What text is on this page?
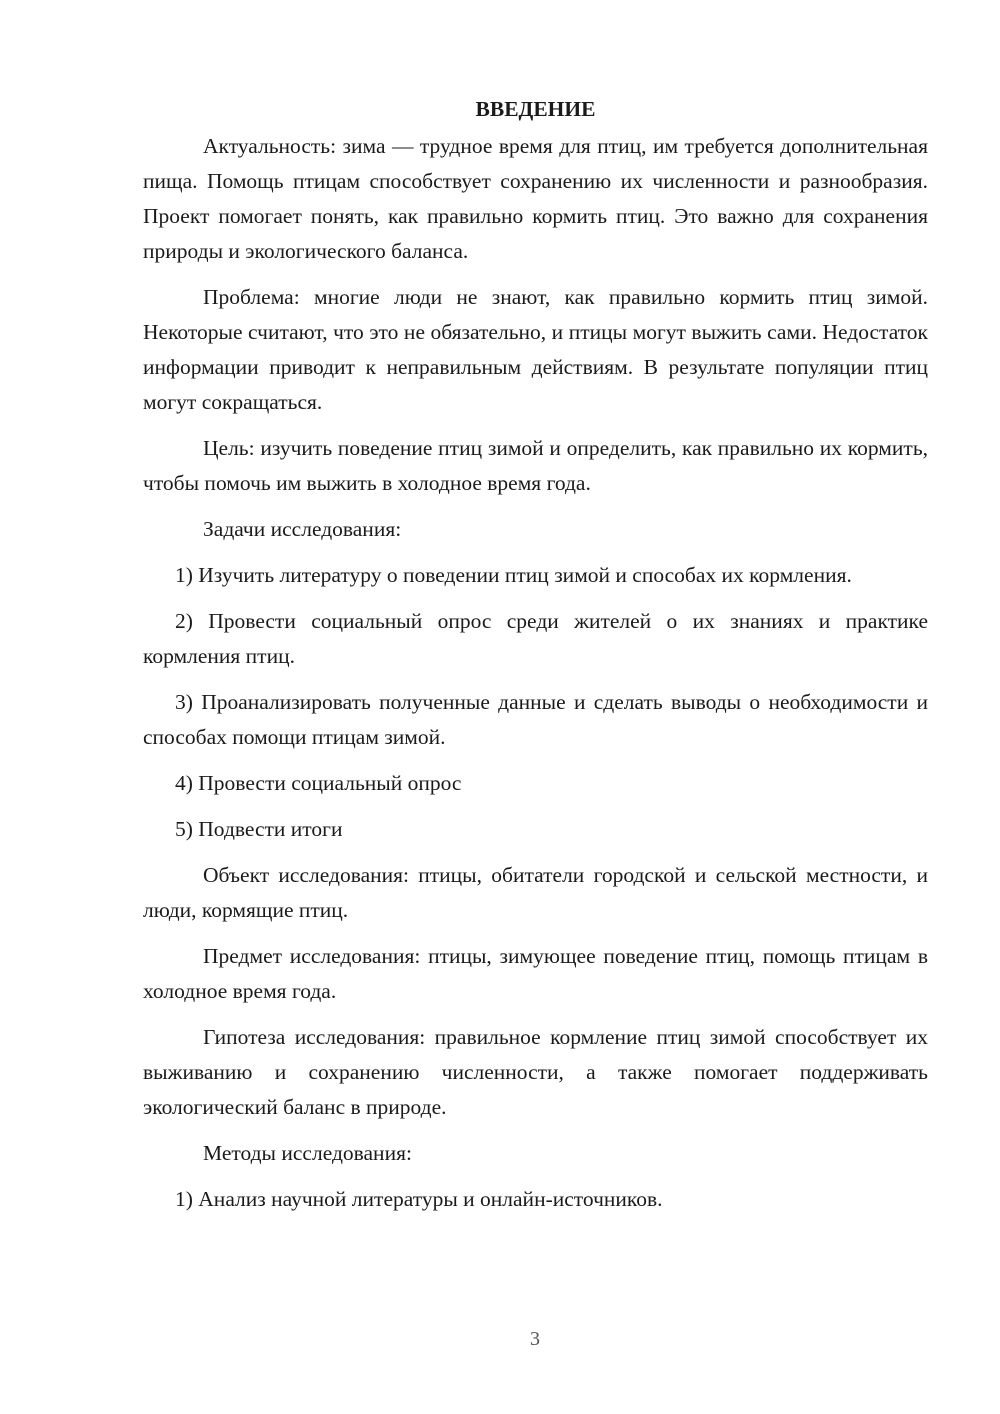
ВВЕДЕНИЕ

Актуальность: зима — трудное время для птиц, им требуется дополнительная пища. Помощь птицам способствует сохранению их численности и разнообразия. Проект помогает понять, как правильно кормить птиц. Это важно для сохранения природы и экологического баланса.

Проблема: многие люди не знают, как правильно кормить птиц зимой. Некоторые считают, что это не обязательно, и птицы могут выжить сами. Недостаток информации приводит к неправильным действиям. В результате популяции птиц могут сокращаться.

Цель: изучить поведение птиц зимой и определить, как правильно их кормить, чтобы помочь им выжить в холодное время года.

Задачи исследования:

1) Изучить литературу о поведении птиц зимой и способах их кормления.

2) Провести социальный опрос среди жителей о их знаниях и практике кормления птиц.

3) Проанализировать полученные данные и сделать выводы о необходимости и способах помощи птицам зимой.

4) Провести социальный опрос

5) Подвести итоги

Объект исследования: птицы, обитатели городской и сельской местности, и люди, кормящие птиц.

Предмет исследования: птицы, зимующее поведение птиц, помощь птицам в холодное время года.

Гипотеза исследования: правильное кормление птиц зимой способствует их выживанию и сохранению численности, а также помогает поддерживать экологический баланс в природе.

Методы исследования:

1) Анализ научной литературы и онлайн-источников.

3
